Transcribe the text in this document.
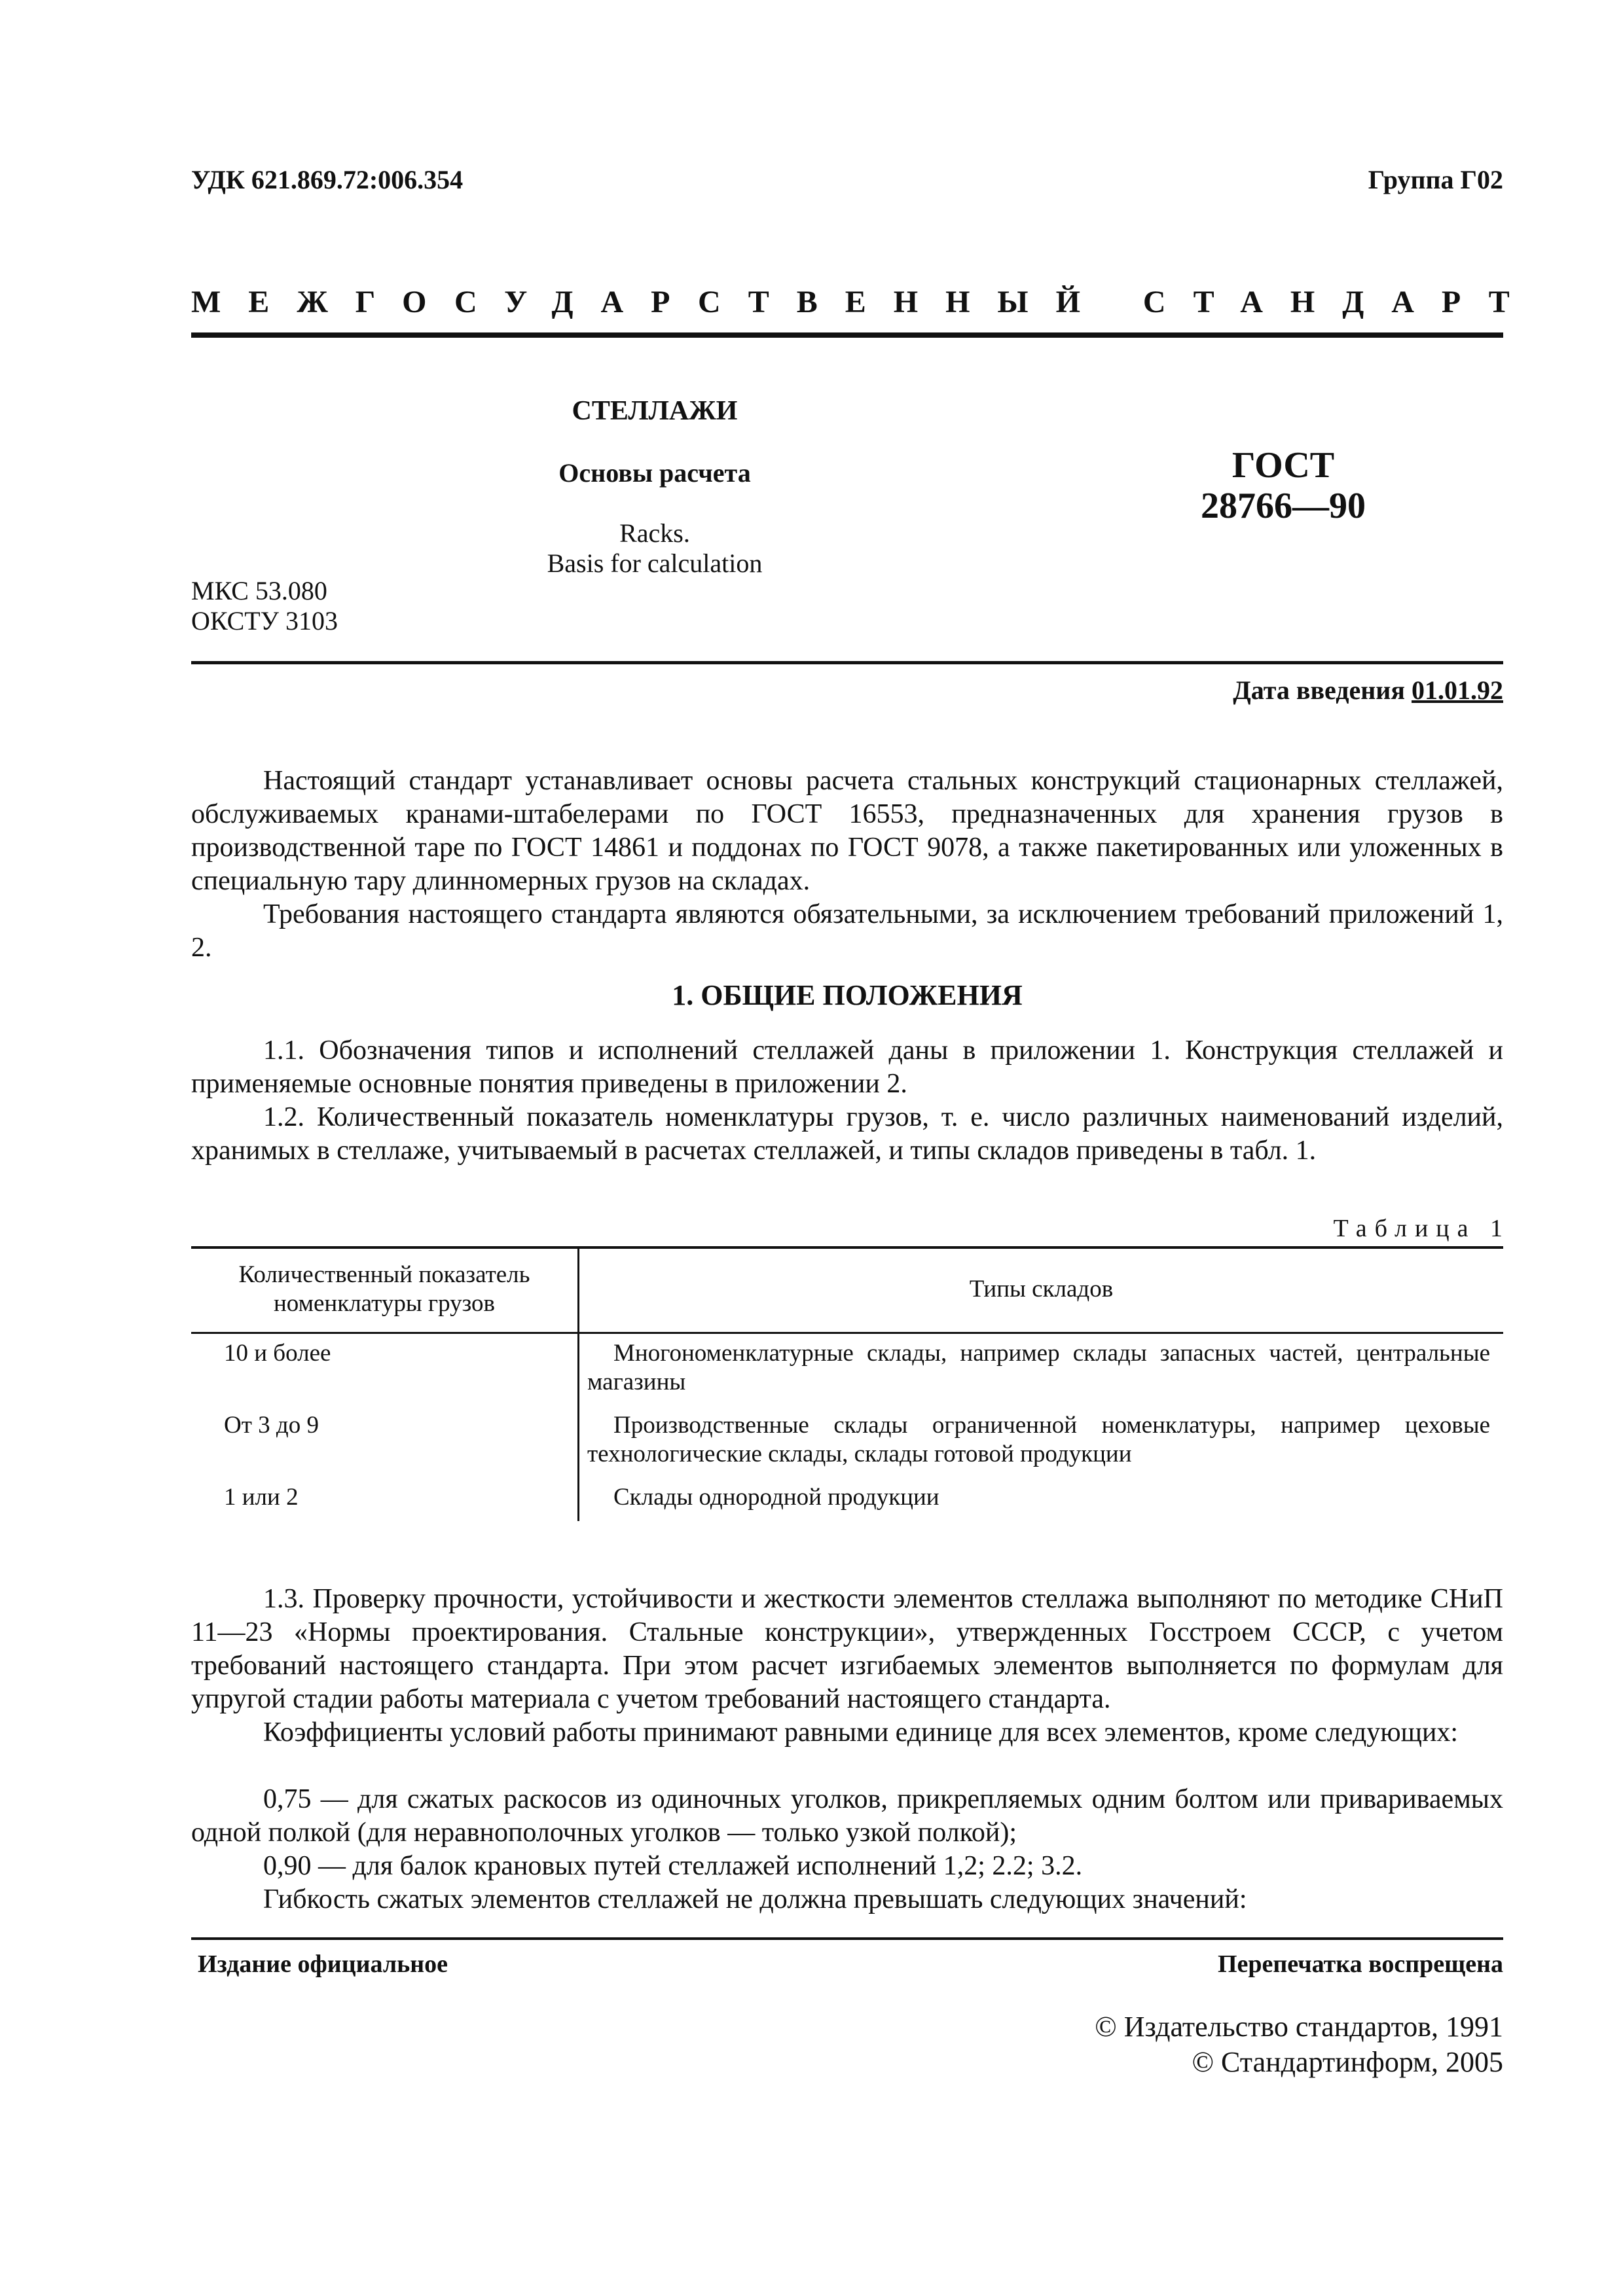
УДК 621.869.72:006.354	Группа Г02
МЕЖГОСУДАРСТВЕННЫЙ СТАНДАРТ
СТЕЛЛАЖИ
Основы расчета
Racks.
Basis for calculation
ГОСТ
28766—90
МКС 53.080
ОКСТУ 3103
Дата введения 01.01.92
Настоящий стандарт устанавливает основы расчета стальных конструкций стационарных стеллажей, обслуживаемых кранами-штабелерами по ГОСТ 16553, предназначенных для хранения грузов в производственной таре по ГОСТ 14861 и поддонах по ГОСТ 9078, а также пакетированных или уложенных в специальную тару длинномерных грузов на складах.
Требования настоящего стандарта являются обязательными, за исключением требований приложений 1, 2.
1. ОБЩИЕ ПОЛОЖЕНИЯ
1.1. Обозначения типов и исполнений стеллажей даны в приложении 1. Конструкция стеллажей и применяемые основные понятия приведены в приложении 2.
1.2. Количественный показатель номенклатуры грузов, т. е. число различных наименований изделий, хранимых в стеллаже, учитываемый в расчетах стеллажей, и типы складов приведены в табл. 1.
Таблица 1
Количественный показатель номенклатуры грузов	Типы складов
10 и более	Многономенклатурные склады, например склады запасных частей, центральные магазины

От 3 до 9	Производственные склады ограниченной номенклатуры, например цеховые технологические склады, склады готовой продукции

1 или 2	Склады однородной продукции
1.3. Проверку прочности, устойчивости и жесткости элементов стеллажа выполняют по методике СНиП 11—23 «Нормы проектирования. Стальные конструкции», утвержденных Госстроем СССР, с учетом требований настоящего стандарта. При этом расчет изгибаемых элементов выполняется по формулам для упругой стадии работы материала с учетом требований настоящего стандарта.
Коэффициенты условий работы принимают равными единице для всех элементов, кроме следующих:
0,75 — для сжатых раскосов из одиночных уголков, прикрепляемых одним болтом или привариваемых одной полкой (для неравнополочных уголков — только узкой полкой);
0,90 — для балок крановых путей стеллажей исполнений 1,2; 2.2; 3.2.
Гибкость сжатых элементов стеллажей не должна превышать следующих значений:
Издание официальное	Перепечатка воспрещена
© Издательство стандартов, 1991
© Стандартинформ, 2005
